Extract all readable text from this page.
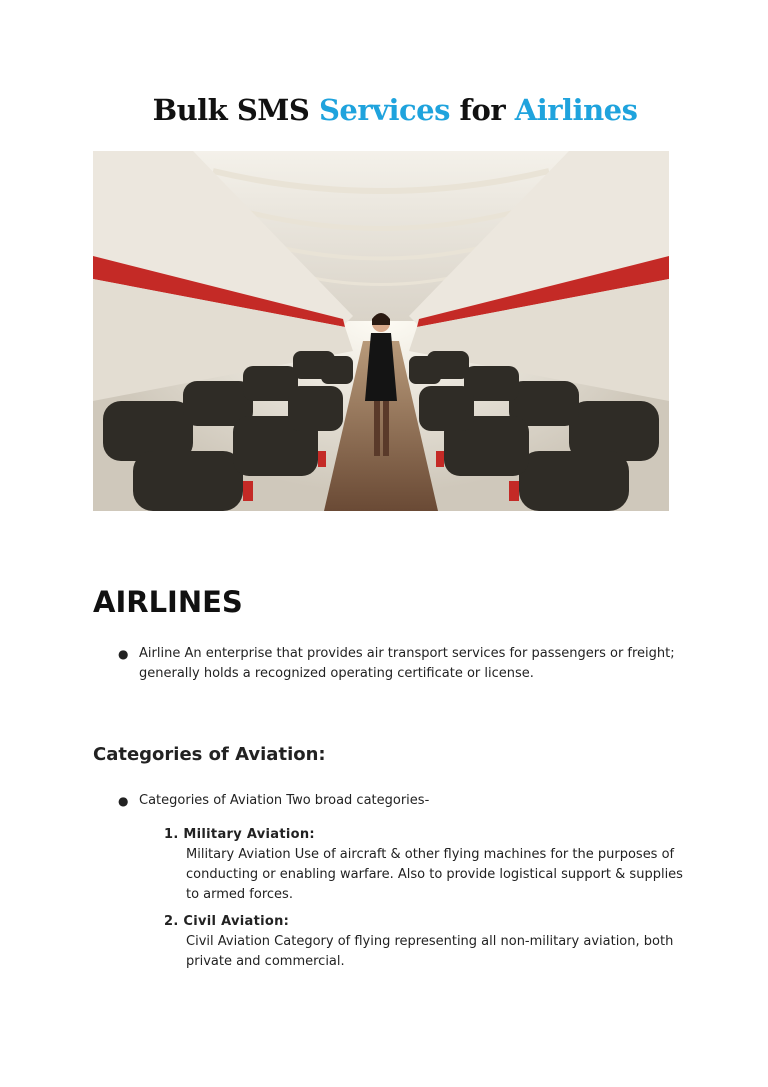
Bulk SMS Services for Airlines
AIRLINES
● Airline An enterprise that provides air transport services for passengers or freight; generally holds a recognized operating certificate or license.
Categories of Aviation:
● Categories of Aviation Two broad categories-
1. Military Aviation:
Military Aviation Use of aircraft & other flying machines for the purposes of conducting or enabling warfare. Also to provide logistical support & supplies to armed forces.
2. Civil Aviation:
Civil Aviation Category of flying representing all non-military aviation, both private and commercial.
